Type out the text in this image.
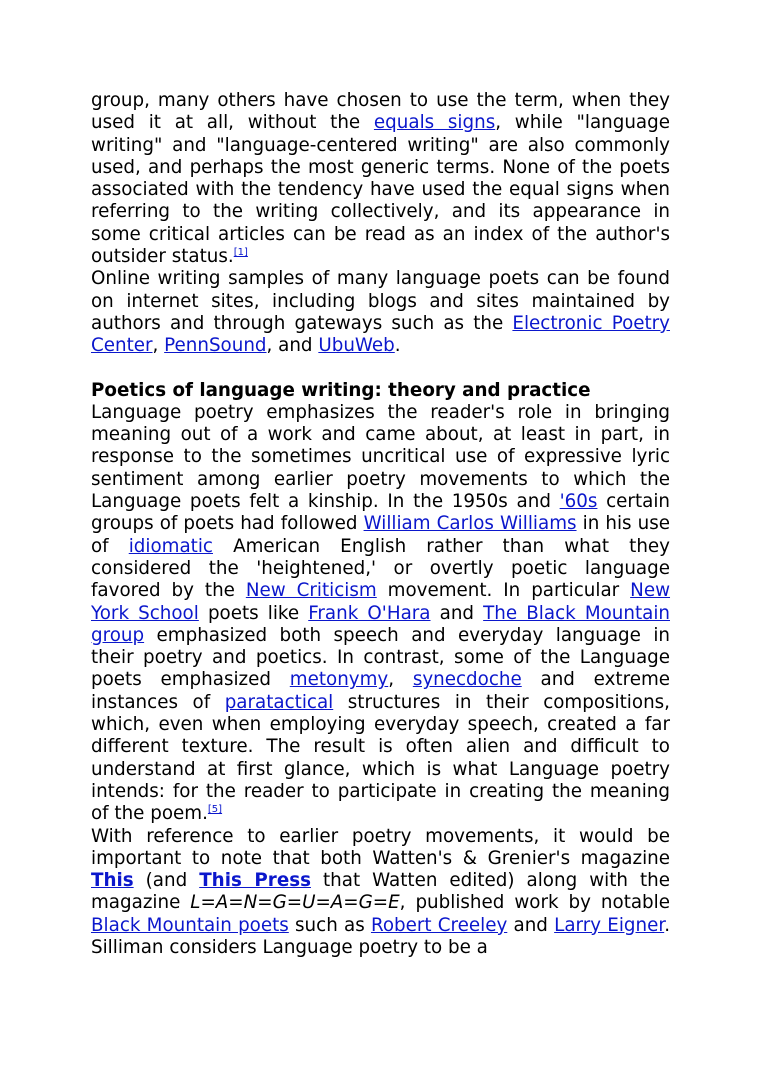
group, many others have chosen to use the term, when they used it at all, without the equals signs, while "language writing" and "language-centered writing" are also commonly used, and perhaps the most generic terms. None of the poets associated with the tendency have used the equal signs when referring to the writing collectively, and its appearance in some critical articles can be read as an index of the author's outsider status.[1]

Online writing samples of many language poets can be found on internet sites, including blogs and sites maintained by authors and through gateways such as the Electronic Poetry Center, PennSound, and UbuWeb.

Poetics of language writing: theory and practice

Language poetry emphasizes the reader's role in bringing meaning out of a work and came about, at least in part, in response to the sometimes uncritical use of expressive lyric sentiment among earlier poetry movements to which the Language poets felt a kinship. In the 1950s and '60s certain groups of poets had followed William Carlos Williams in his use of idiomatic American English rather than what they considered the 'heightened,' or overtly poetic language favored by the New Criticism movement. In particular New York School poets like Frank O'Hara and The Black Mountain group emphasized both speech and everyday language in their poetry and poetics. In contrast, some of the Language poets emphasized metonymy, synecdoche and extreme instances of paratactical structures in their compositions, which, even when employing everyday speech, created a far different texture. The result is often alien and difficult to understand at first glance, which is what Language poetry intends: for the reader to participate in creating the meaning of the poem.[5]

With reference to earlier poetry movements, it would be important to note that both Watten's & Grenier's magazine This (and This Press that Watten edited) along with the magazine L=A=N=G=U=A=G=E, published work by notable Black Mountain poets such as Robert Creeley and Larry Eigner. Silliman considers Language poetry to be a
